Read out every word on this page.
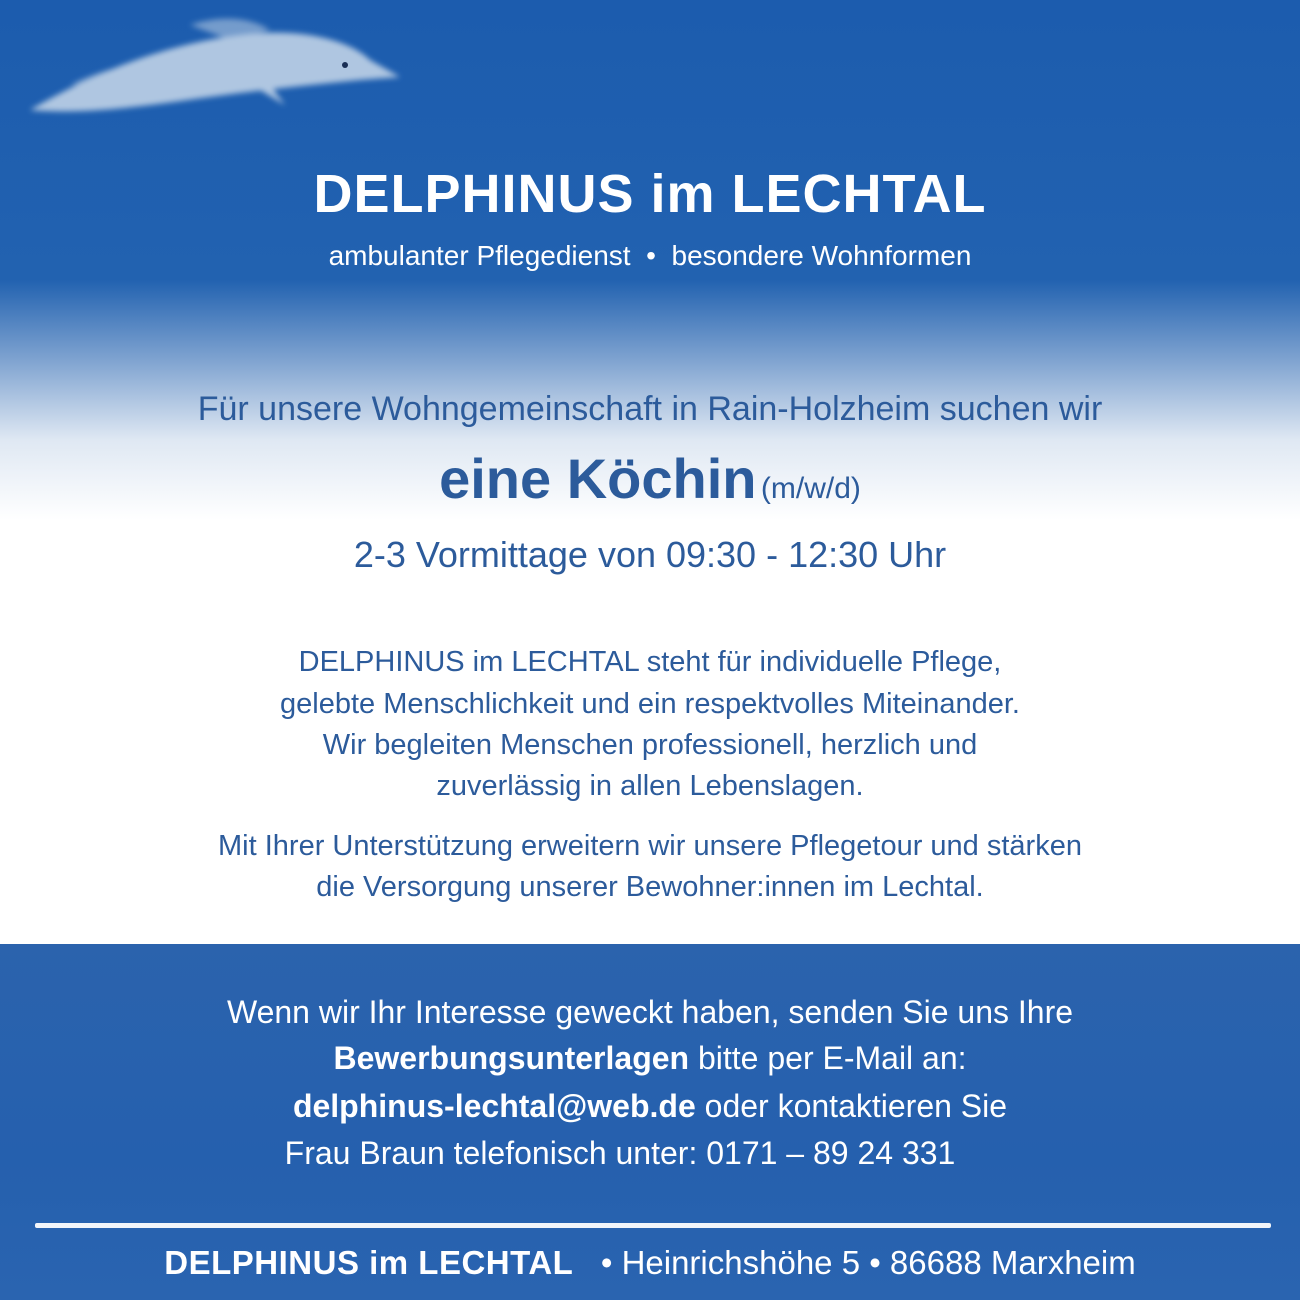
DELPHINUS im LECHTAL
ambulanter Pflegedienst • besondere Wohnformen
Für unsere Wohngemeinschaft in Rain-Holzheim suchen wir
eine Köchin (m/w/d)
2-3 Vormittage von 09:30 - 12:30 Uhr
DELPHINUS im LECHTAL steht für individuelle Pflege,
gelebte Menschlichkeit und ein respektvolles Miteinander.
Wir begleiten Menschen professionell, herzlich und
zuverlässig in allen Lebenslagen.
Mit Ihrer Unterstützung erweitern wir unsere Pflegetour und stärken
die Versorgung unserer Bewohner:innen im Lechtal.
Wenn wir Ihr Interesse geweckt haben, senden Sie uns Ihre
Bewerbungsunterlagen bitte per E-Mail an:
delphinus-lechtal@web.de oder kontaktieren Sie
Frau Braun telefonisch unter: 0171 – 89 24 331
DELPHINUS im LECHTAL • Heinrichshöhe 5 • 86688 Marxheim
